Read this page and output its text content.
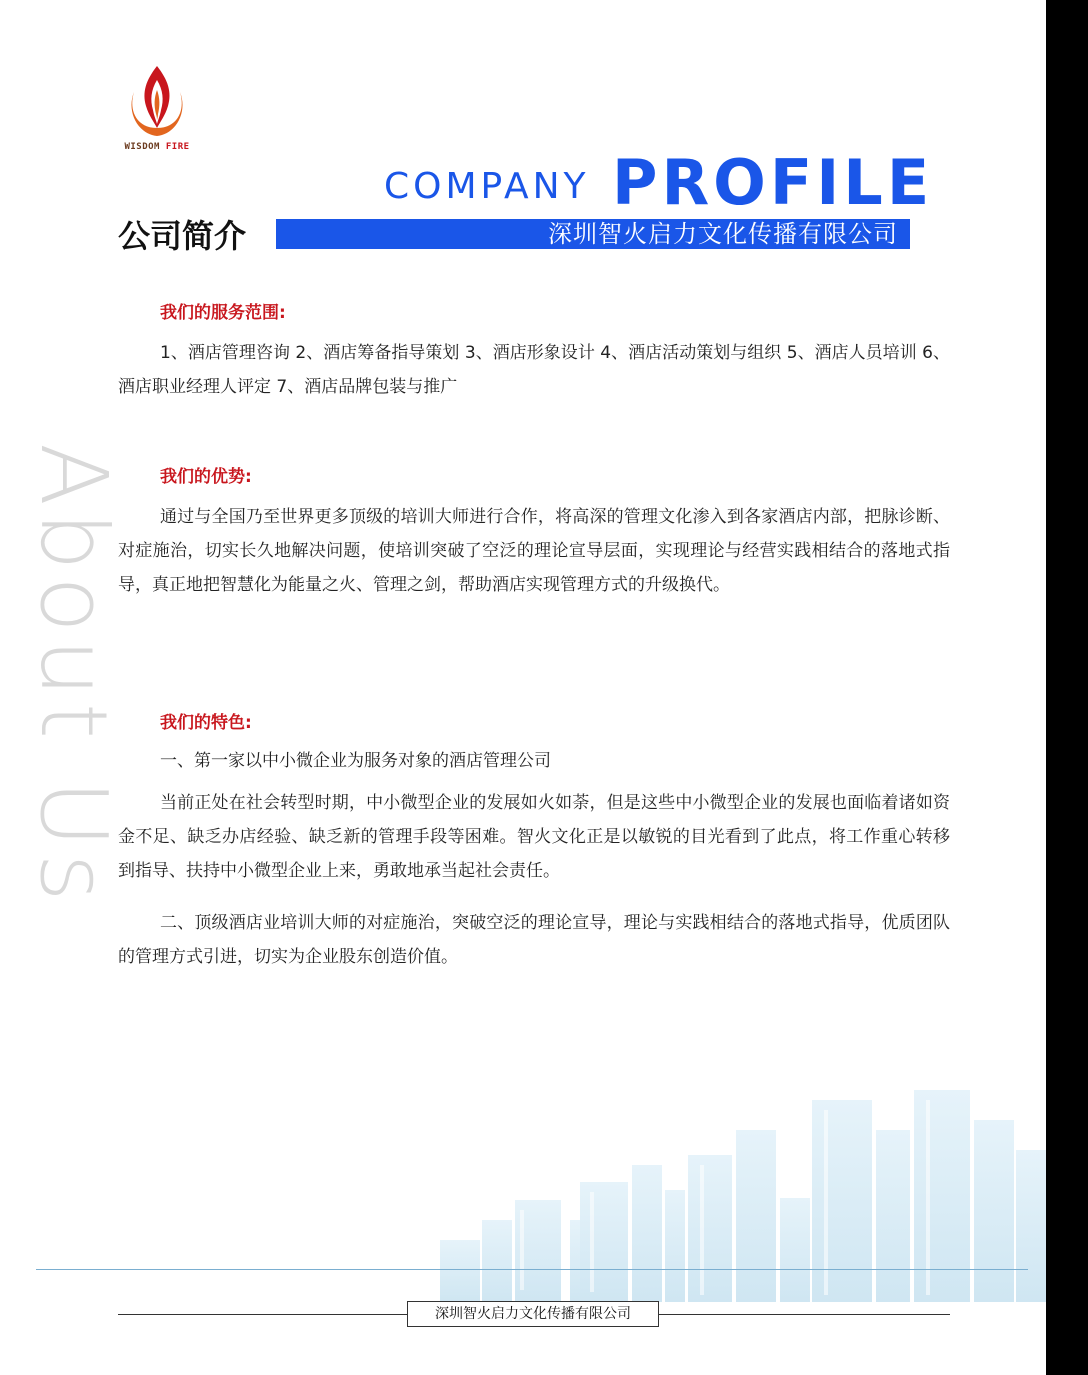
About Us
WISDOM FIRE
COMPANY PROFILE
公司简介	深圳智火启力文化传播有限公司
我们的服务范围:
1、酒店管理咨询 2、酒店筹备指导策划 3、酒店形象设计 4、酒店活动策划与组织 5、酒店人员培训 6、酒店职业经理人评定 7、酒店品牌包装与推广
我们的优势:
通过与全国乃至世界更多顶级的培训大师进行合作，将高深的管理文化渗入到各家酒店内部，把脉诊断、对症施治，切实长久地解决问题，使培训突破了空泛的理论宣导层面，实现理论与经营实践相结合的落地式指导，真正地把智慧化为能量之火、管理之剑，帮助酒店实现管理方式的升级换代。
我们的特色:
一、第一家以中小微企业为服务对象的酒店管理公司
当前正处在社会转型时期，中小微型企业的发展如火如荼，但是这些中小微型企业的发展也面临着诸如资金不足、缺乏办店经验、缺乏新的管理手段等困难。智火文化正是以敏锐的目光看到了此点，将工作重心转移到指导、扶持中小微型企业上来，勇敢地承当起社会责任。
二、顶级酒店业培训大师的对症施治，突破空泛的理论宣导，理论与实践相结合的落地式指导，优质团队的管理方式引进，切实为企业股东创造价值。
深圳智火启力文化传播有限公司
